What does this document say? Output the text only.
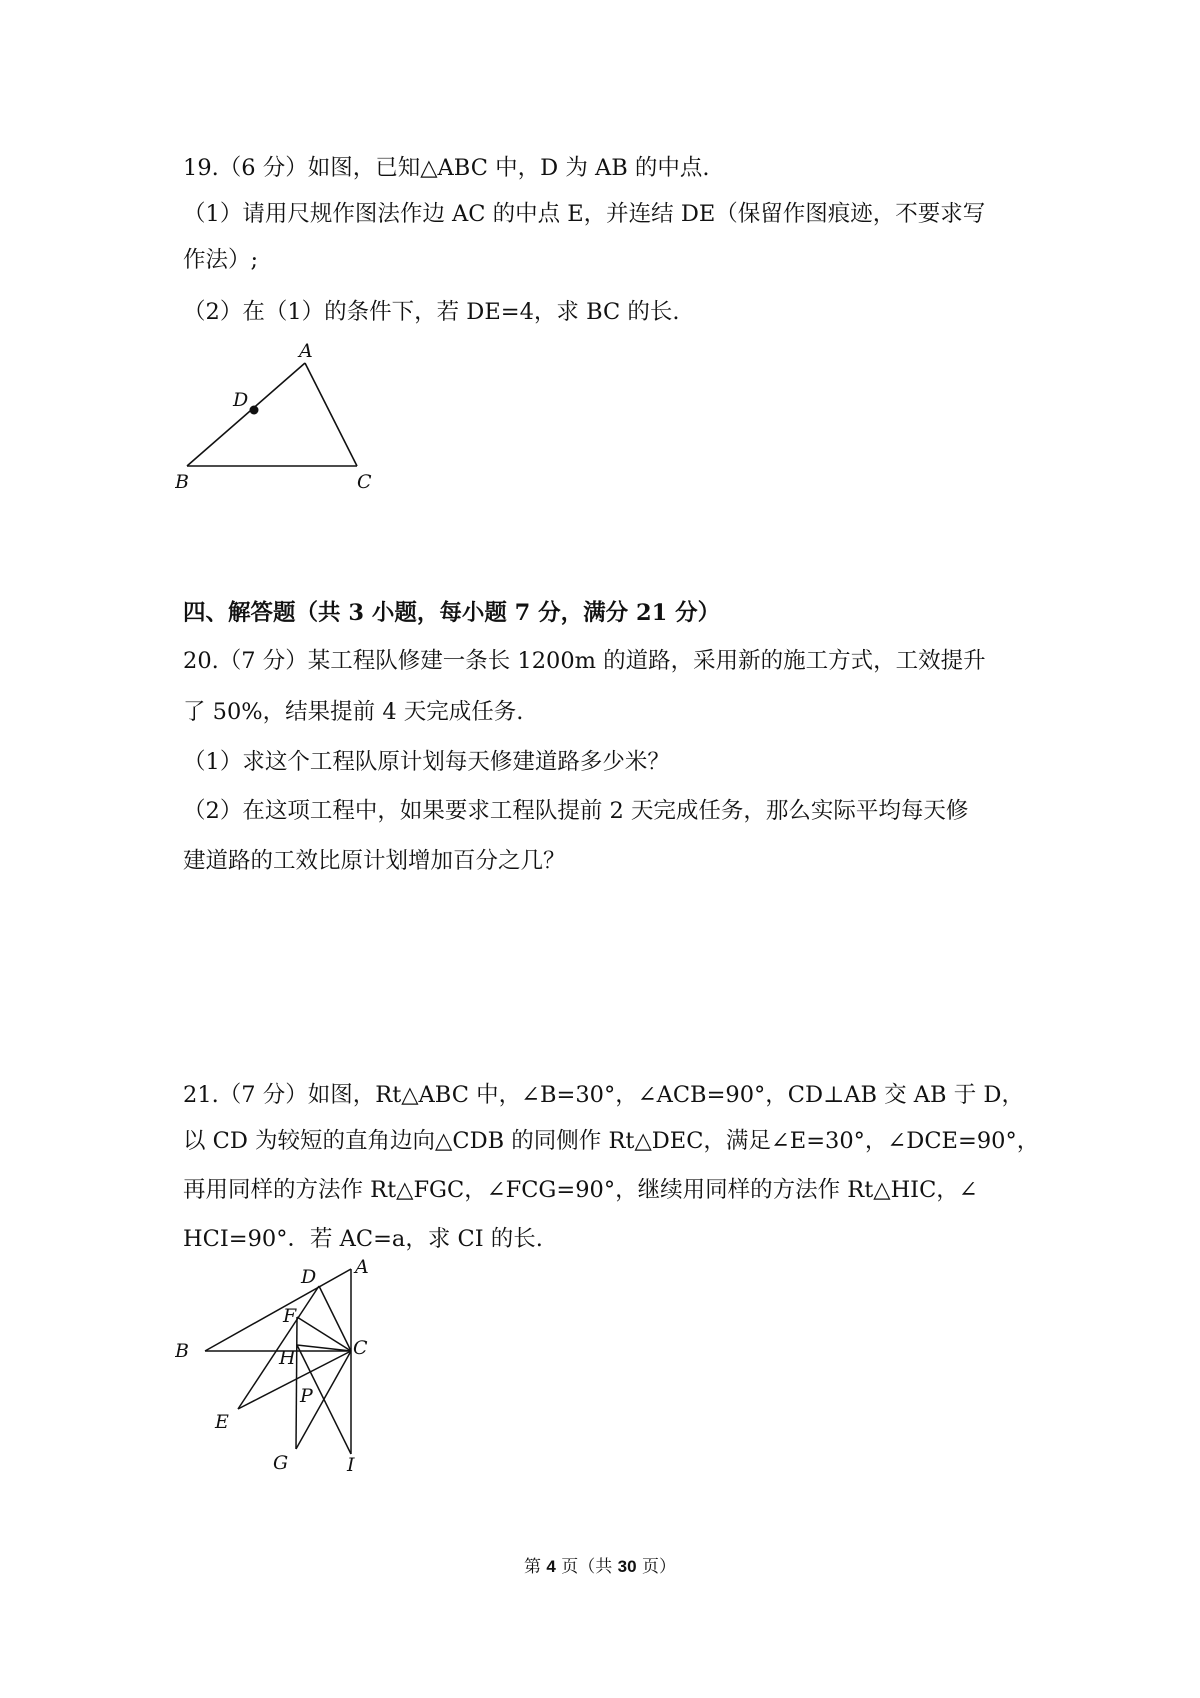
19.（6 分）如图，已知△ABC 中，D 为 AB 的中点.
（1）请用尺规作图法作边 AC 的中点 E，并连结 DE（保留作图痕迹，不要求写
作法）;
（2）在（1）的条件下，若 DE=4，求 BC 的长.
A
D
B	C
四、解答题（共 3 小题，每小题 7 分，满分 21 分）
20.（7 分）某工程队修建一条长 1200m 的道路，采用新的施工方式，工效提升
了 50%，结果提前 4 天完成任务.
（1）求这个工程队原计划每天修建道路多少米？
（2）在这项工程中，如果要求工程队提前 2 天完成任务，那么实际平均每天修
建道路的工效比原计划增加百分之几？
21.（7 分）如图，Rt△ABC 中，∠B=30°，∠ACB=90°，CD⊥AB 交 AB 于 D，
以 CD 为较短的直角边向△CDB 的同侧作 Rt△DEC，满足∠E=30°，∠DCE=90°，
再用同样的方法作 Rt△FGC，∠FCG=90°，继续用同样的方法作 Rt△HIC，∠
HCI=90°．若 AC=a，求 CI 的长.
A
D
F
B	C
H
P
E
G	I
第 4 页（共 30 页）
